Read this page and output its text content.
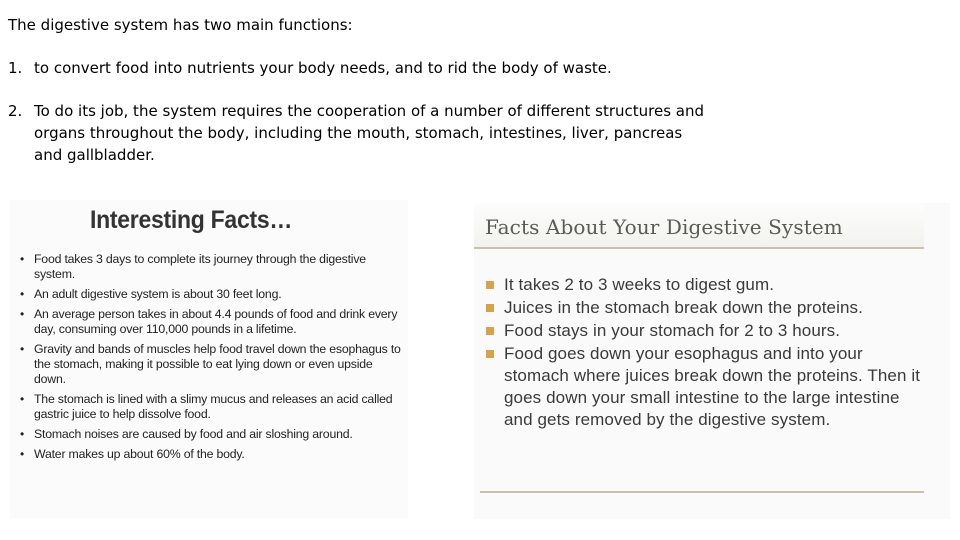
The digestive system has two main functions:
1. to convert food into nutrients your body needs, and to rid the body of waste.
2. To do its job, the system requires the cooperation of a number of different structures and organs throughout the body, including the mouth, stomach, intestines, liver, pancreas and gallbladder.
Interesting Facts…
• Food takes 3 days to complete its journey through the digestive system.
• An adult digestive system is about 30 feet long.
• An average person takes in about 4.4 pounds of food and drink every day, consuming over 110,000 pounds in a lifetime.
• Gravity and bands of muscles help food travel down the esophagus to the stomach, making it possible to eat lying down or even upside down.
• The stomach is lined with a slimy mucus and releases an acid called gastric juice to help dissolve food.
• Stomach noises are caused by food and air sloshing around.
• Water makes up about 60% of the body.
Facts About Your Digestive System
It takes 2 to 3 weeks to digest gum.
Juices in the stomach break down the proteins.
Food stays in your stomach for 2 to 3 hours.
Food goes down your esophagus and into your stomach where juices break down the proteins. Then it goes down your small intestine to the large intestine and gets removed by the digestive system.
